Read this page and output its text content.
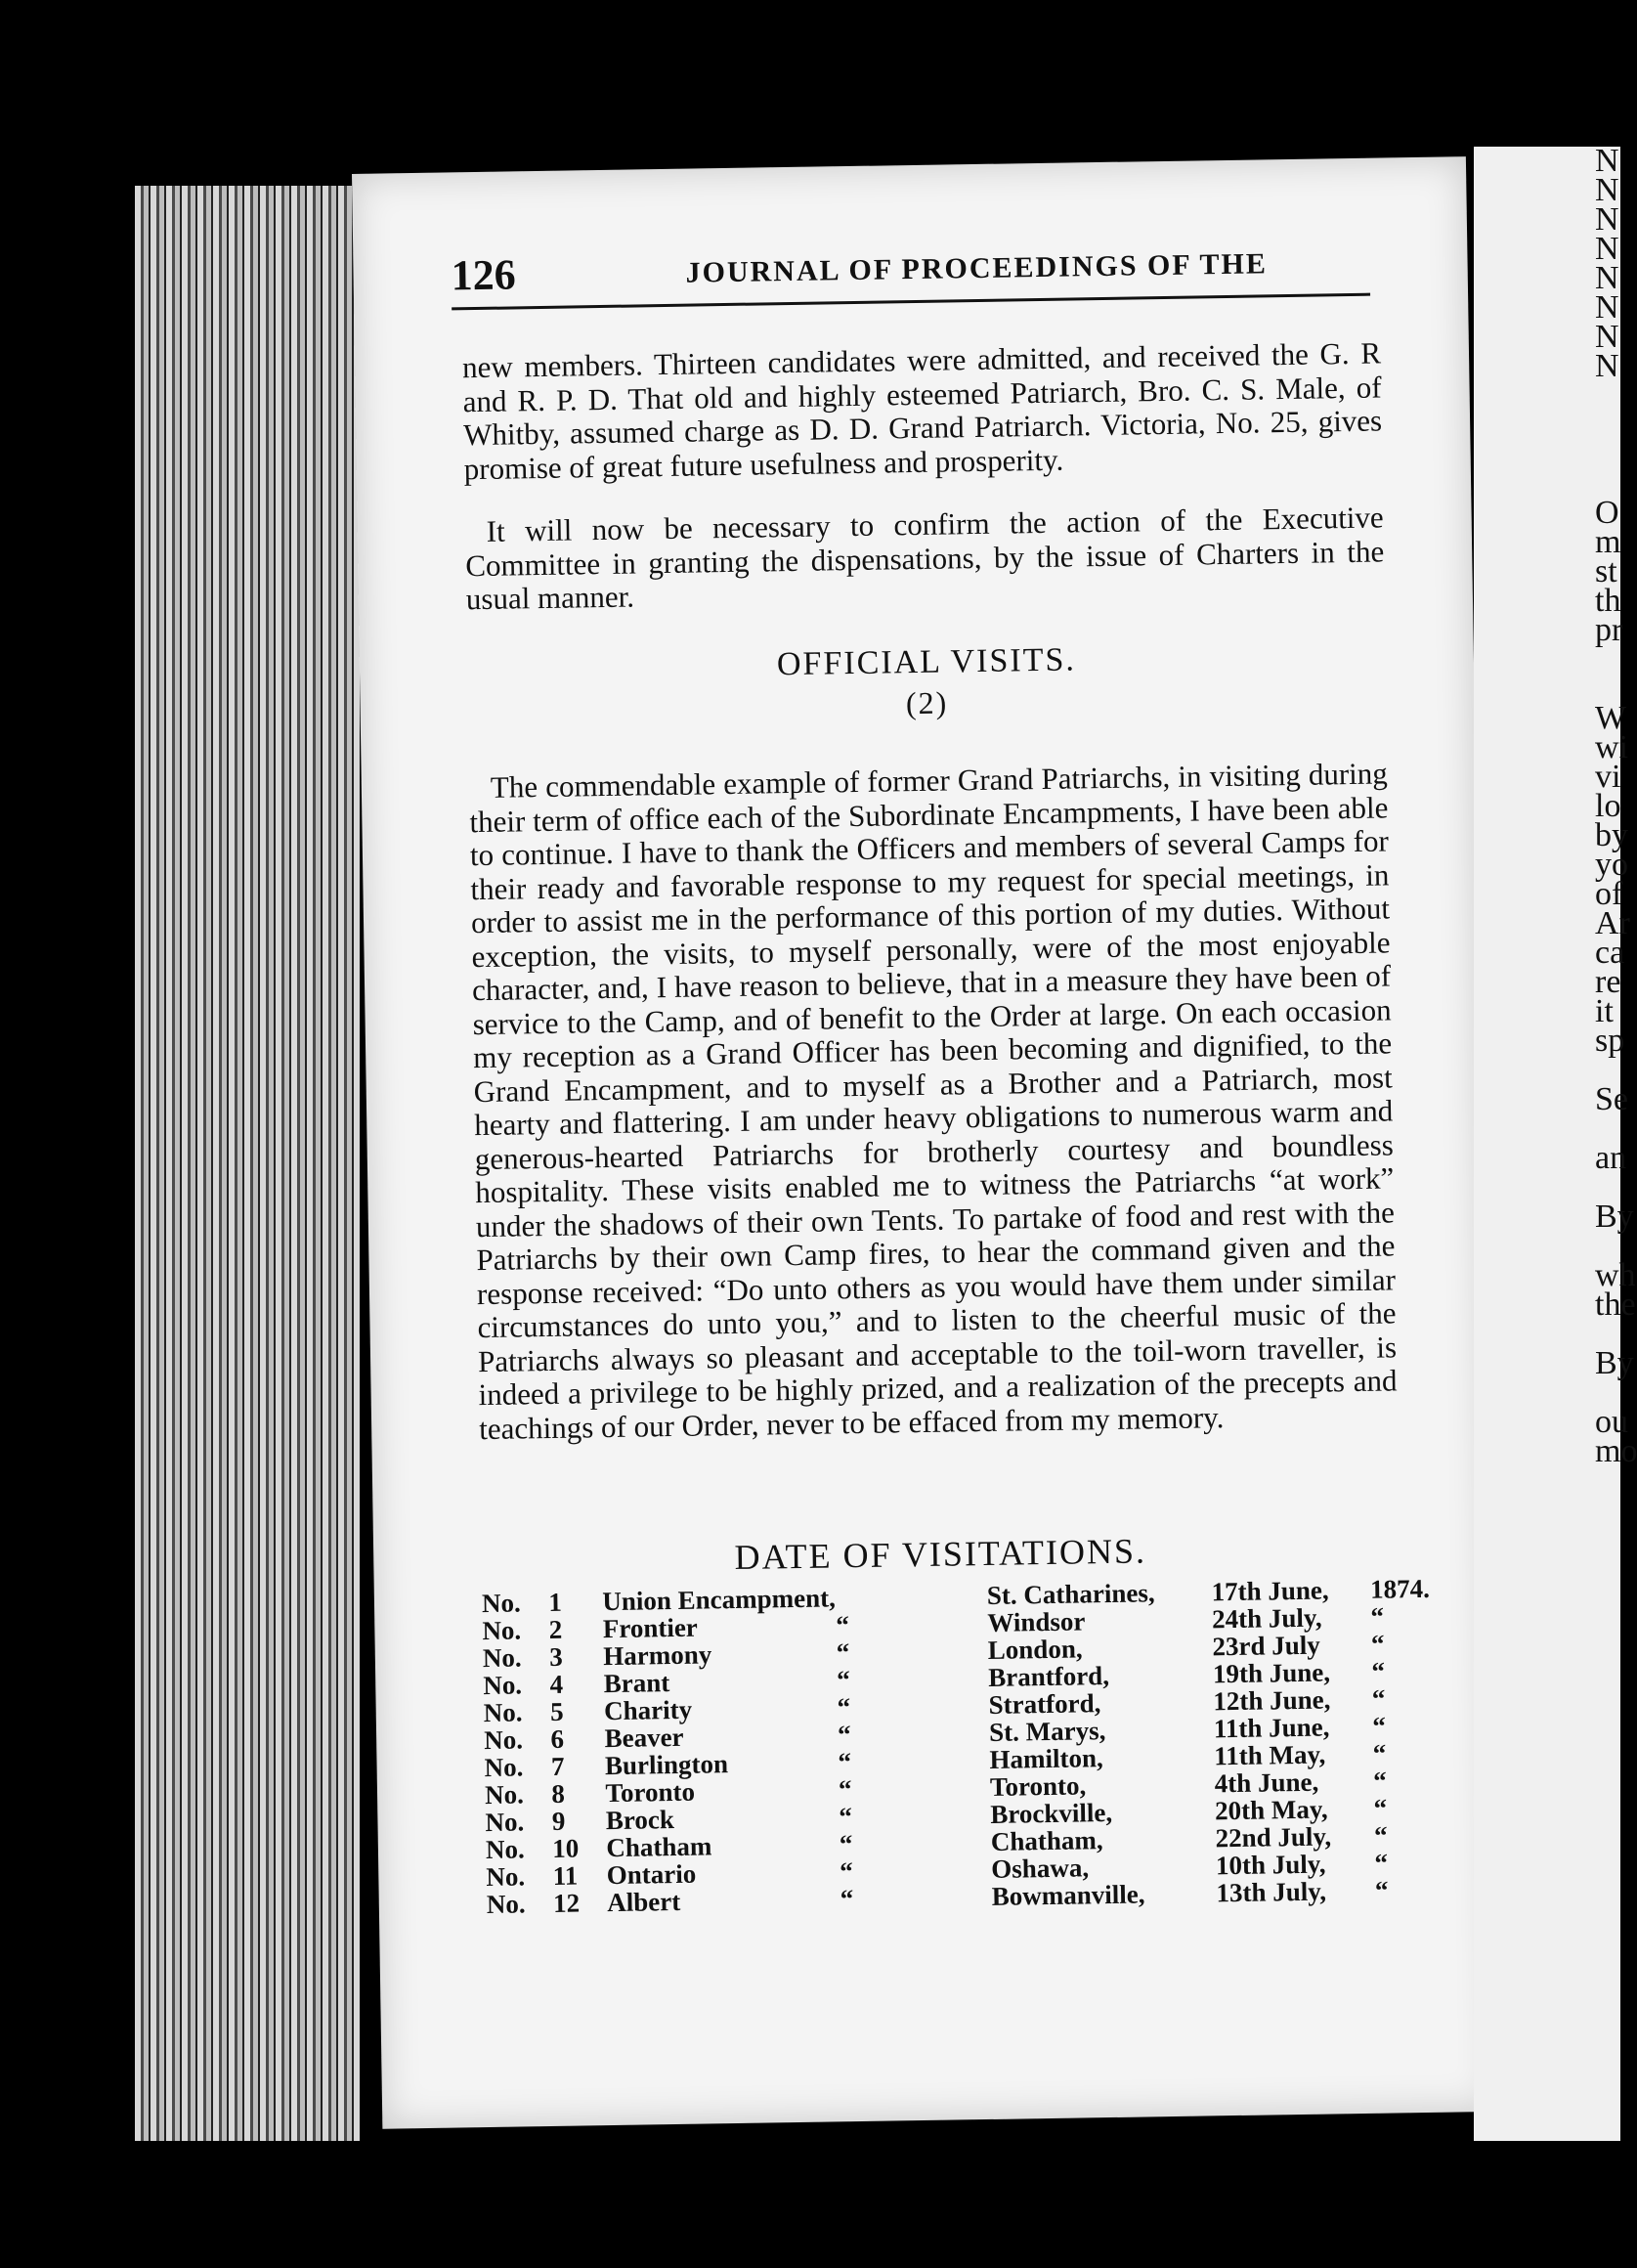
126	JOURNAL OF PROCEEDINGS OF THE

new members. Thirteen candidates were admitted, and received the G. R and R. P. D. That old and highly esteemed Patriarch, Bro. C. S. Male, of Whitby, assumed charge as D. D. Grand Patriarch. Victoria, No. 25, gives promise of great future usefulness and prosperity.

It will now be necessary to confirm the action of the Executive Committee in granting the dispensations, by the issue of Charters in the usual manner.

OFFICIAL VISITS.
(2)

The commendable example of former Grand Patriarchs, in visiting during their term of office each of the Subordinate Encampments, I have been able to continue. I have to thank the Officers and members of several Camps for their ready and favorable response to my request for special meetings, in order to assist me in the performance of this portion of my duties. Without exception, the visits, to myself personally, were of the most enjoyable character, and, I have reason to believe, that in a measure they have been of service to the Camp, and of benefit to the Order at large. On each occasion my reception as a Grand Officer has been becoming and dignified, to the Grand Encampment, and to myself as a Brother and a Patriarch, most hearty and flattering. I am under heavy obligations to numerous warm and generous-hearted Patriarchs for brotherly courtesy and boundless hospitality. These visits enabled me to witness the Patriarchs “at work” under the shadows of their own Tents. To partake of food and rest with the Patriarchs by their own Camp fires, to hear the command given and the response received: “Do unto others as you would have them under similar circumstances do unto you,” and to listen to the cheerful music of the Patriarchs always so pleasant and acceptable to the toil-worn traveller, is indeed a privilege to be highly prized, and a realization of the precepts and teachings of our Order, never to be effaced from my memory.

DATE OF VISITATIONS.
No.	1	Union Encampment,		St. Catharines,	17th June,	1874.
No.	2	Frontier	“	Windsor	24th July,	“
No.	3	Harmony	“	London,	23rd July	“
No.	4	Brant	“	Brantford,	19th June,	“
No.	5	Charity	“	Stratford,	12th June,	“
No.	6	Beaver	“	St. Marys,	11th June,	“
No.	7	Burlington	“	Hamilton,	11th May,	“
No.	8	Toronto	“	Toronto,	4th June,	“
No.	9	Brock	“	Brockville,	20th May,	“
No.	10	Chatham	“	Chatham,	22nd July,	“
No.	11	Ontario	“	Oshawa,	10th July,	“
No.	12	Albert	“	Bowmanville,	13th July,	“
N
N
N
N
N
N
N
N

O
m
st
th
pr

W
wi
vi
lo
by
yo
of
Ar
ca
re
it
sp

Se

an

By

wh
the

By

ou
mo
